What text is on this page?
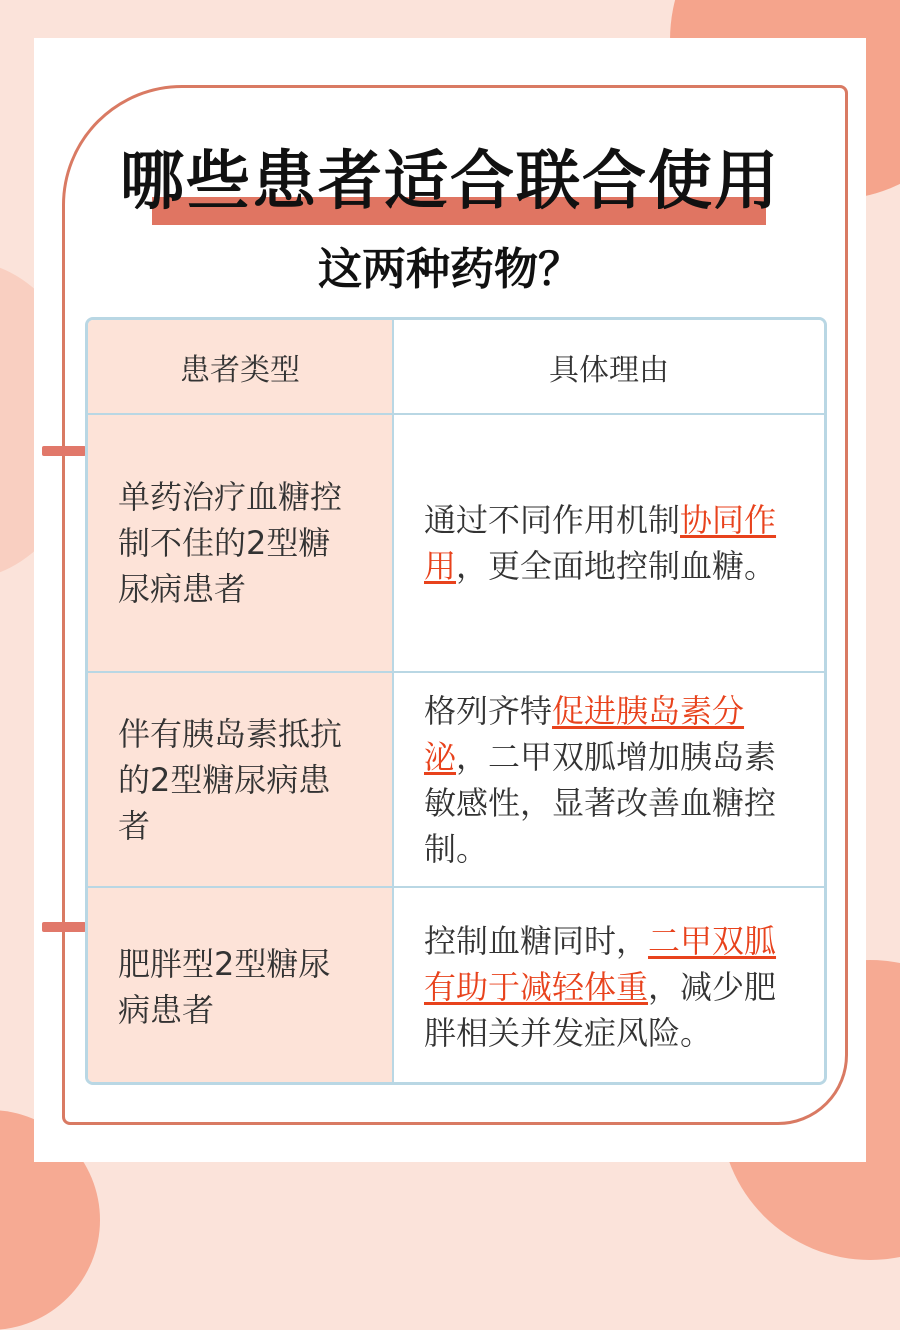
哪些患者适合联合使用
这两种药物？
患者类型	具体理由
单药治疗血糖控制不佳的2型糖尿病患者	通过不同作用机制协同作用，更全面地控制血糖。
伴有胰岛素抵抗的2型糖尿病患者	格列齐特促进胰岛素分泌，二甲双胍增加胰岛素敏感性，显著改善血糖控制。
肥胖型2型糖尿病患者	控制血糖同时，二甲双胍有助于减轻体重，减少肥胖相关并发症风险。
